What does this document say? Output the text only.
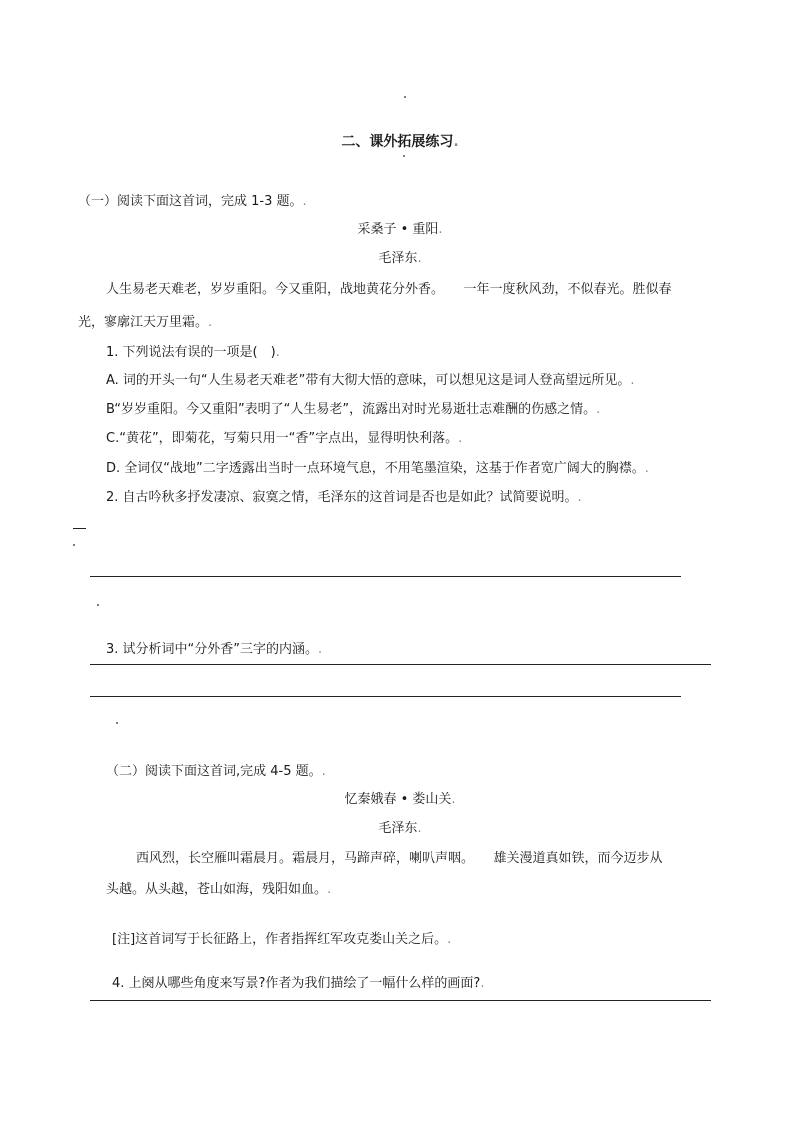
二、课外拓展练习.
（一）阅读下面这首词，完成 1-3 题。.
采桑子 • 重阳.
毛泽东.
人生易老天难老，岁岁重阳。今又重阳，战地黄花分外香。　　一年一度秋风劲，不似春光。胜似春
光，寥廓江天万里霜。.
1. 下列说法有误的一项是(　).
A. 词的开头一句“人生易老天难老”带有大彻大悟的意味，可以想见这是词人登高望远所见。.
B“岁岁重阳。今又重阳”表明了“人生易老”，流露出对时光易逝壮志难酬的伤感之情。.
C.“黄花”，即菊花，写菊只用一“香”字点出，显得明快利落。.
D. 全词仅“战地”二字透露出当时一点环境气息，不用笔墨渲染，这基于作者宽广阔大的胸襟。.
2. 自古吟秋多抒发凄凉、寂寞之情，毛泽东的这首词是否也是如此？试简要说明。.
3. 试分析词中“分外香”三字的内涵。.
（二）阅读下面这首词,完成 4-5 题。.
忆秦娥春 • 娄山关.
毛泽东.
西风烈，长空雁叫霜晨月。霜晨月，马蹄声碎，喇叭声咽。　　雄关漫道真如铁，而今迈步从
头越。从头越，苍山如海，残阳如血。.
[注]这首词写于长征路上，作者指挥红军攻克娄山关之后。.
4. 上阕从哪些角度来写景?作者为我们描绘了一幅什么样的画面?.
